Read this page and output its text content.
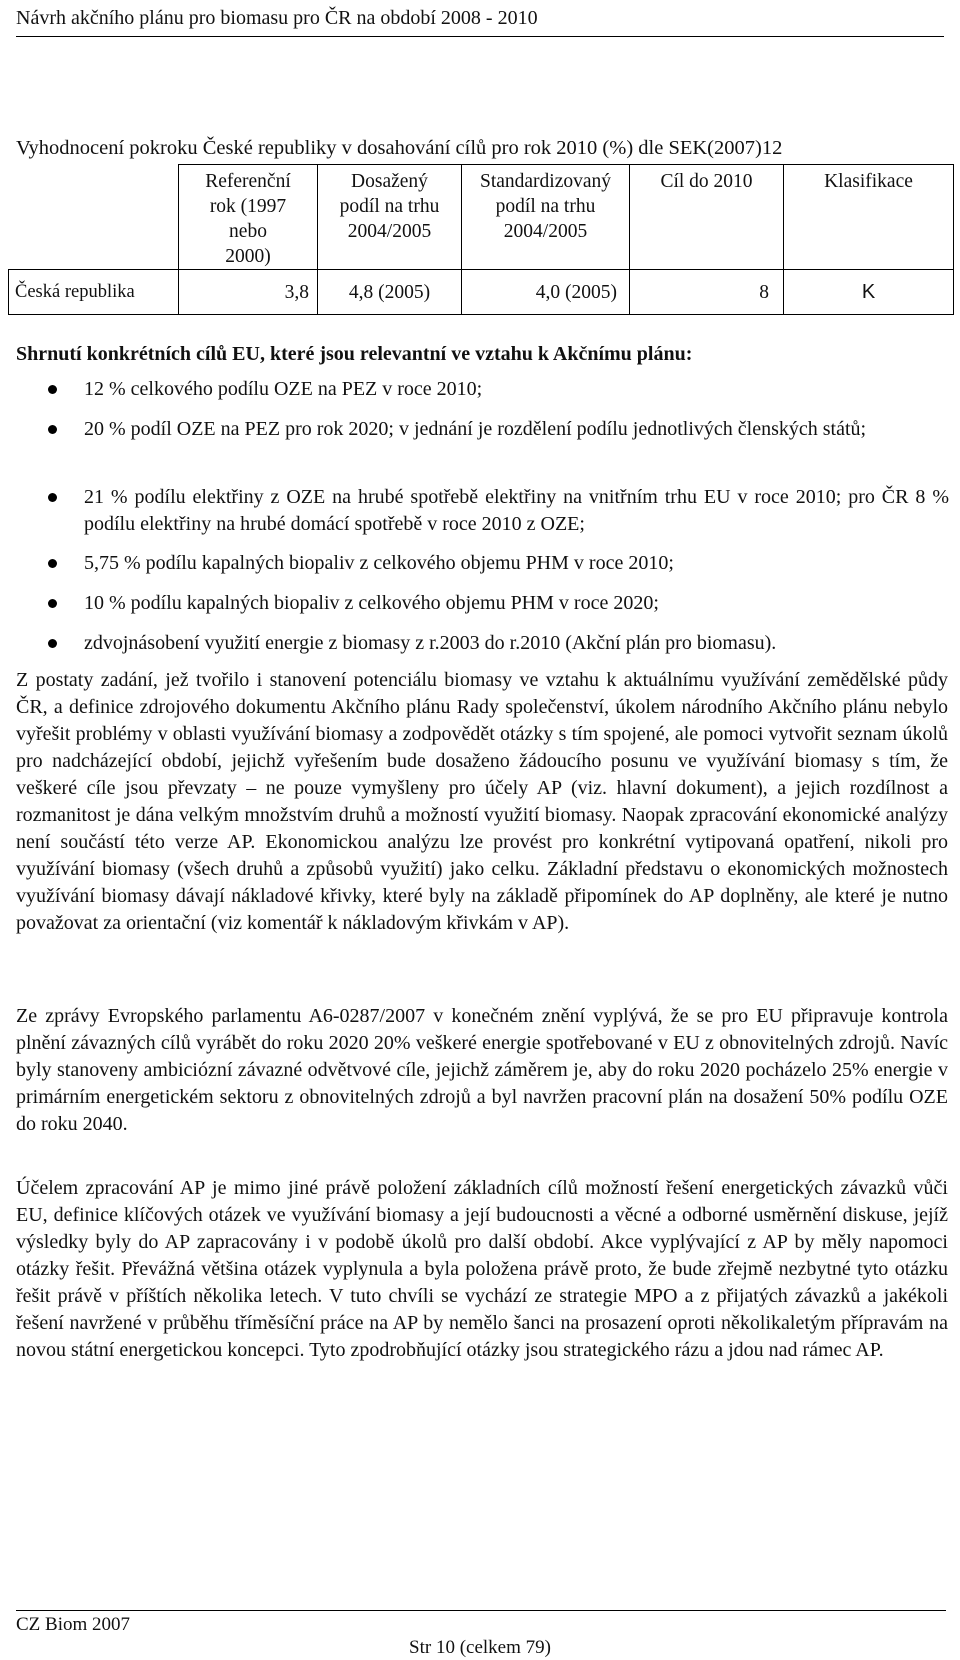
Návrh akčního plánu pro biomasu pro ČR na období 2008 - 2010
Vyhodnocení pokroku České republiky v dosahování cílů pro rok 2010 (%) dle SEK(2007)12
	Referenční rok (1997 nebo 2000)	Dosažený podíl na trhu 2004/2005	Standardizovaný podíl na trhu 2004/2005	Cíl do 2010	Klasifikace
Česká republika	3,8	4,8 (2005)	4,0 (2005)	8	K
Shrnutí konkrétních cílů EU, které jsou relevantní ve vztahu k Akčnímu plánu:
12 % celkového podílu OZE na PEZ v roce 2010;
20 % podíl OZE na PEZ pro rok 2020; v jednání je rozdělení podílu jednotlivých členských států;
21 % podílu elektřiny z OZE na hrubé spotřebě elektřiny na vnitřním trhu EU v roce 2010; pro ČR 8 % podílu elektřiny na hrubé domácí spotřebě v roce 2010 z OZE;
5,75 % podílu kapalných biopaliv z celkového objemu PHM v roce 2010;
10 % podílu kapalných biopaliv z celkového objemu PHM v roce 2020;
zdvojnásobení využití energie z biomasy z r.2003 do r.2010 (Akční plán pro biomasu).

Z postaty zadání, jež tvořilo i stanovení potenciálu biomasy ve vztahu k aktuálnímu využívání zemědělské půdy ČR, a definice zdrojového dokumentu Akčního plánu Rady společenství, úkolem národního Akčního plánu nebylo vyřešit problémy v oblasti využívání biomasy a zodpovědět otázky s tím spojené, ale pomoci vytvořit seznam úkolů pro nadcházející období, jejichž vyřešením bude dosaženo žádoucího posunu ve využívání biomasy s tím, že veškeré cíle jsou převzaty – ne pouze vymyšleny pro účely AP (viz. hlavní dokument), a jejich rozdílnost a rozmanitost je dána velkým množstvím druhů a možností využití biomasy. Naopak zpracování ekonomické analýzy není součástí této verze AP. Ekonomickou analýzu lze provést pro konkrétní vytipovaná opatření, nikoli pro využívání biomasy (všech druhů a způsobů využití) jako celku. Základní představu o ekonomických možnostech využívání biomasy dávají nákladové křivky, které byly na základě připomínek do AP doplněny, ale které je nutno považovat za orientační (viz komentář k nákladovým křivkám v AP).

Ze zprávy Evropského parlamentu A6-0287/2007 v konečném znění vyplývá, že se pro EU připravuje kontrola plnění závazných cílů vyrábět do roku 2020 20% veškeré energie spotřebované v EU z obnovitelných zdrojů. Navíc byly stanoveny ambiciózní závazné odvětvové cíle, jejichž záměrem je, aby do roku 2020 pocházelo 25% energie v primárním energetickém sektoru z obnovitelných zdrojů a byl navržen pracovní plán na dosažení 50% podílu OZE do roku 2040.

Účelem zpracování AP je mimo jiné právě položení základních cílů možností řešení energetických závazků vůči EU, definice klíčových otázek ve využívání biomasy a její budoucnosti a věcné a odborné usměrnění diskuse, jejíž výsledky byly do AP zapracovány i v podobě úkolů pro další období. Akce vyplývající z AP by měly napomoci otázky řešit. Převážná většina otázek vyplynula a byla položena právě proto, že bude zřejmě nezbytné tyto otázku řešit právě v příštích několika letech. V tuto chvíli se vychází ze strategie MPO a z přijatých závazků a jakékoli řešení navržené v průběhu tříměsíční práce na AP by nemělo šanci na prosazení oproti několikaletým přípravám na novou státní energetickou koncepci. Tyto zpodrobňující otázky jsou strategického rázu a jdou nad rámec AP.

CZ Biom 2007
Str 10 (celkem 79)
